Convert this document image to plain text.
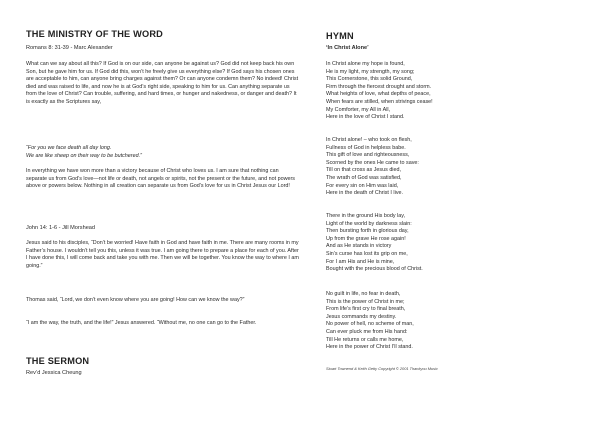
THE MINISTRY OF THE WORD
Romans 8: 31-39 - Marc Alexander

What can we say about all this? If God is on our side, can anyone be against us? God did not keep back his own Son, but he gave him for us. If God did this, won’t he freely give us everything else? If God says his chosen ones are acceptable to him, can anyone bring charges against them? Or can anyone condemn them? No indeed! Christ died and was raised to life, and now he is at God’s right side, speaking to him for us. Can anything separate us from the love of Christ? Can trouble, suffering, and hard times, or hunger and nakedness, or danger and death? It is exactly as the Scriptures say,

“For you we face death all day long.

We are like sheep on their way to be butchered.”

In everything we have won more than a victory because of Christ who loves us. I am sure that nothing can separate us from God’s love—not life or death, not angels or spirits, not the present or the future, and not powers above or powers below. Nothing in all creation can separate us from God’s love for us in Christ Jesus our Lord!

John 14: 1-6 - Jill Morshead

Jesus said to his disciples, “Don’t be worried! Have faith in God and have faith in me. There are many rooms in my Father’s house. I wouldn’t tell you this, unless it was true. I am going there to prepare a place for each of you. After I have done this, I will come back and take you with me. Then we will be together. You know the way to where I am going.”

Thomas said, “Lord, we don’t even know where you are going! How can we know the way?”

“I am the way, the truth, and the life!” Jesus answered. “Without me, no one can go to the Father.

THE SERMON
Rev’d Jessica Cheung
HYMN
‘In Christ Alone’

In Christ alone my hope is found,

He is my light, my strength, my song;

This Cornerstone, this solid Ground,

Firm through the fiercest drought and storm.

What heights of love, what depths of peace,

When fears are stilled, when strivings cease!

My Comforter, my All in All,

Here in the love of Christ I stand.

In Christ alone! – who took on flesh,

Fullness of God in helpless babe.

This gift of love and righteousness,

Scorned by the ones He came to save:

Till on that cross as Jesus died,

The wrath of God was satisfied,

For every sin on Him was laid,

Here in the death of Christ I live.

There in the ground His body lay,

Light of the world by darkness slain:

Then bursting forth in glorious day,

Up from the grave He rose again!

And as He stands in victory

Sin’s curse has lost its grip on me,

For I am His and He is mine,

Bought with the precious blood of Christ.

No guilt in life, no fear in death,

This is the power of Christ in me;

From life’s first cry to final breath,

Jesus commands my destiny.

No power of hell, no scheme of man,

Can ever pluck me from His hand:

Till He returns or calls me home,

Here in the power of Christ I’ll stand.

Stuart Townend & Keith Getty Copyright © 2001 Thankyou Music
